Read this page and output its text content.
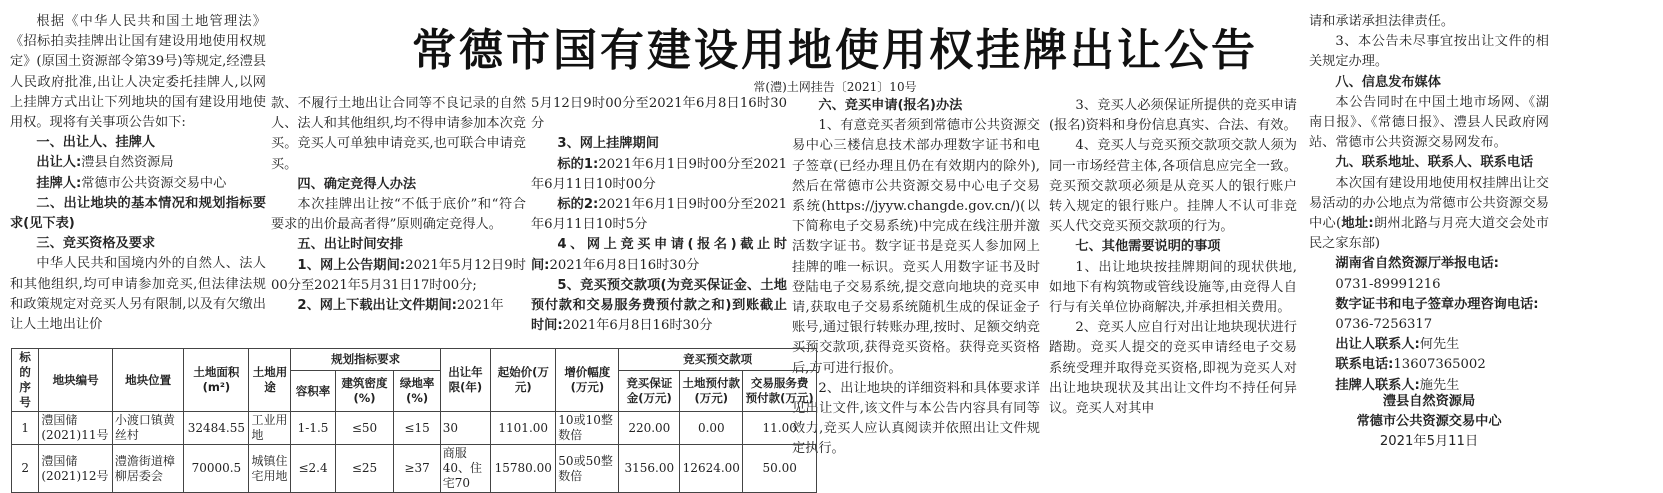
常德市国有建设用地使用权挂牌出让公告
常(澧)土网挂告〔2021〕10号

根据《中华人民共和国土地管理法》《招标拍卖挂牌出让国有建设用地使用权规定》(原国土资源部令第39号)等规定,经澧县人民政府批准,出让人决定委托挂牌人,以网上挂牌方式出让下列地块的国有建设用地使用权。现将有关事项公告如下:

一、出让人、挂牌人

出让人:澧县自然资源局

挂牌人:常德市公共资源交易中心

二、出让地块的基本情况和规划指标要求(见下表)

三、竞买资格及要求

中华人民共和国境内外的自然人、法人和其他组织,均可申请参加竞买,但法律法规和政策规定对竞买人另有限制,以及有欠缴出让人土地出让价

款、不履行土地出让合同等不良记录的自然人、法人和其他组织,均不得申请参加本次竞买。竞买人可单独申请竞买,也可联合申请竞买。

四、确定竞得人办法

本次挂牌出让按“不低于底价”和“符合要求的出价最高者得”原则确定竞得人。

五、出让时间安排

1、网上公告期间:2021年5月12日9时00分至2021年5月31日17时00分;

2、网上下载出让文件期间:2021年

5月12日9时00分至2021年6月8日16时30分

3、网上挂牌期间

标的1:2021年6月1日9时00分至2021年6月11日10时00分

标的2:2021年6月1日9时00分至2021年6月11日10时5分

4、网上竞买申请(报名)截止时间:2021年6月8日16时30分

5、竞买预交款项(为竞买保证金、土地预付款和交易服务费预付款之和)到账截止时间:2021年6月8日16时30分

六、竞买申请(报名)办法

1、有意竞买者须到常德市公共资源交易中心三楼信息技术部办理数字证书和电子签章(已经办理且仍在有效期内的除外),然后在常德市公共资源交易中心电子交易系统(https://jyyw.changde.gov.cn/)(以下简称电子交易系统)中完成在线注册并激活数字证书。数字证书是竞买人参加网上挂牌的唯一标识。竞买人用数字证书及时登陆电子交易系统,提交意向地块的竞买申请,获取电子交易系统随机生成的保证金子账号,通过银行转账办理,按时、足额交纳竞买预交款项,获得竞买资格。获得竞买资格后,方可进行报价。

2、出让地块的详细资料和具体要求详见出让文件,该文件与本公告内容具有同等效力,竞买人应认真阅读并依照出让文件规定执行。

3、竞买人必须保证所提供的竞买申请(报名)资料和身份信息真实、合法、有效。

4、竞买人与竞买预交款项交款人须为同一市场经营主体,各项信息应完全一致。竞买预交款项必须是从竞买人的银行账户转入规定的银行账户。挂牌人不认可非竞买人代交竞买预交款项的行为。

七、其他需要说明的事项

1、出让地块按挂牌期间的现状供地,如地下有构筑物或管线设施等,由竞得人自行与有关单位协商解决,并承担相关费用。

2、竞买人应自行对出让地块现状进行踏勘。竞买人提交的竞买申请经电子交易系统受理并取得竞买资格,即视为竞买人对出让地块现状及其出让文件均不持任何异议。竞买人对其申

请和承诺承担法律责任。

3、本公告未尽事宜按出让文件的相关规定办理。

八、信息发布媒体

本公告同时在中国土地市场网、《湖南日报》、《常德日报》、澧县人民政府网站、常德市公共资源交易网发布。

九、联系地址、联系人、联系电话

本次国有建设用地使用权挂牌出让交易活动的办公地点为常德市公共资源交易中心(地址:朗州北路与月亮大道交会处市民之家东部)

湖南省自然资源厅举报电话:

0731-89991216

数字证书和电子签章办理咨询电话:

0736-7256317

出让人联系人:何先生

联系电话:13607365002

挂牌人联系人:施先生

澧县自然资源局

常德市公共资源交易中心

2021年5月11日

标的序号	地块编号	地块位置	土地面积(m²)	土地用途	规划指标要求			出让年限(年)	起始价(万元)	增价幅度(万元)	竞买预交款项		
					容积率	建筑密度(%)	绿地率(%)				竞买保证金(万元)	土地预付款(万元)	交易服务费预付款(万元)
1	澧国储(2021)11号	小渡口镇黄丝村	32484.55	工业用地	1-1.5	≤50	≤15	30	1101.00	10或10整数倍	220.00	0.00	11.00
2	澧国储(2021)12号	澧澹街道樟柳居委会	70000.5	城镇住宅用地	≤2.4	≤25	≥37	商服40、住宅70	15780.00	50或50整数倍	3156.00	12624.00	50.00
